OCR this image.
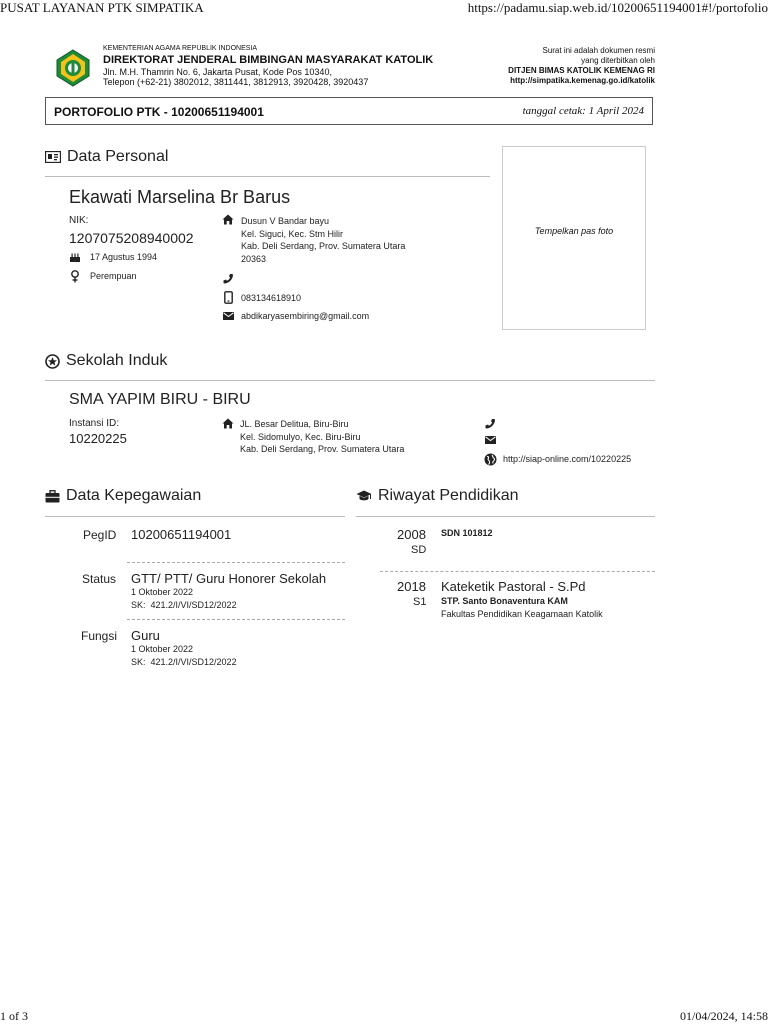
PUSAT LAYANAN PTK SIMPATIKA	https://padamu.siap.web.id/10200651194001#!/portofolio
1 of 3	01/04/2024, 14:58
KEMENTERIAN AGAMA REPUBLIK INDONESIA
DIREKTORAT JENDERAL BIMBINGAN MASYARAKAT KATOLIK
Jln. M.H. Thamrin No. 6, Jakarta Pusat, Kode Pos 10340,
Telepon (+62-21) 3802012, 3811441, 3812913, 3920428, 3920437
Surat ini adalah dokumen resmi
yang diterbitkan oleh
DITJEN BIMAS KATOLIK KEMENAG RI
http://simpatika.kemenag.go.id/katolik
PORTOFOLIO PTK - 10200651194001	tanggal cetak: 1 April 2024
Data Personal
Ekawati Marselina Br Barus
NIK:
1207075208940002
17 Agustus 1994
Perempuan
Dusun V Bandar bayu
Kel. Siguci, Kec. Stm Hilir
Kab. Deli Serdang, Prov. Sumatera Utara
20363
083134618910
abdikaryasembiring@gmail.com
Tempelkan pas foto
Sekolah Induk
SMA YAPIM BIRU - BIRU
Instansi ID:
10220225
JL. Besar Delitua, Biru-Biru
Kel. Sidomulyo, Kec. Biru-Biru
Kab. Deli Serdang, Prov. Sumatera Utara
http://siap-online.com/10220225
Data Kepegawaian
PegID 10200651194001
Status GTT/ PTT/ Guru Honorer Sekolah
1 Oktober 2022
SK:  421.2/I/VI/SD12/2022
Fungsi Guru
1 Oktober 2022
SK:  421.2/I/VI/SD12/2022
Riwayat Pendidikan
2008
SD
SDN 101812
2018
S1
Kateketik Pastoral - S.Pd
STP. Santo Bonaventura KAM
Fakultas Pendidikan Keagamaan Katolik
